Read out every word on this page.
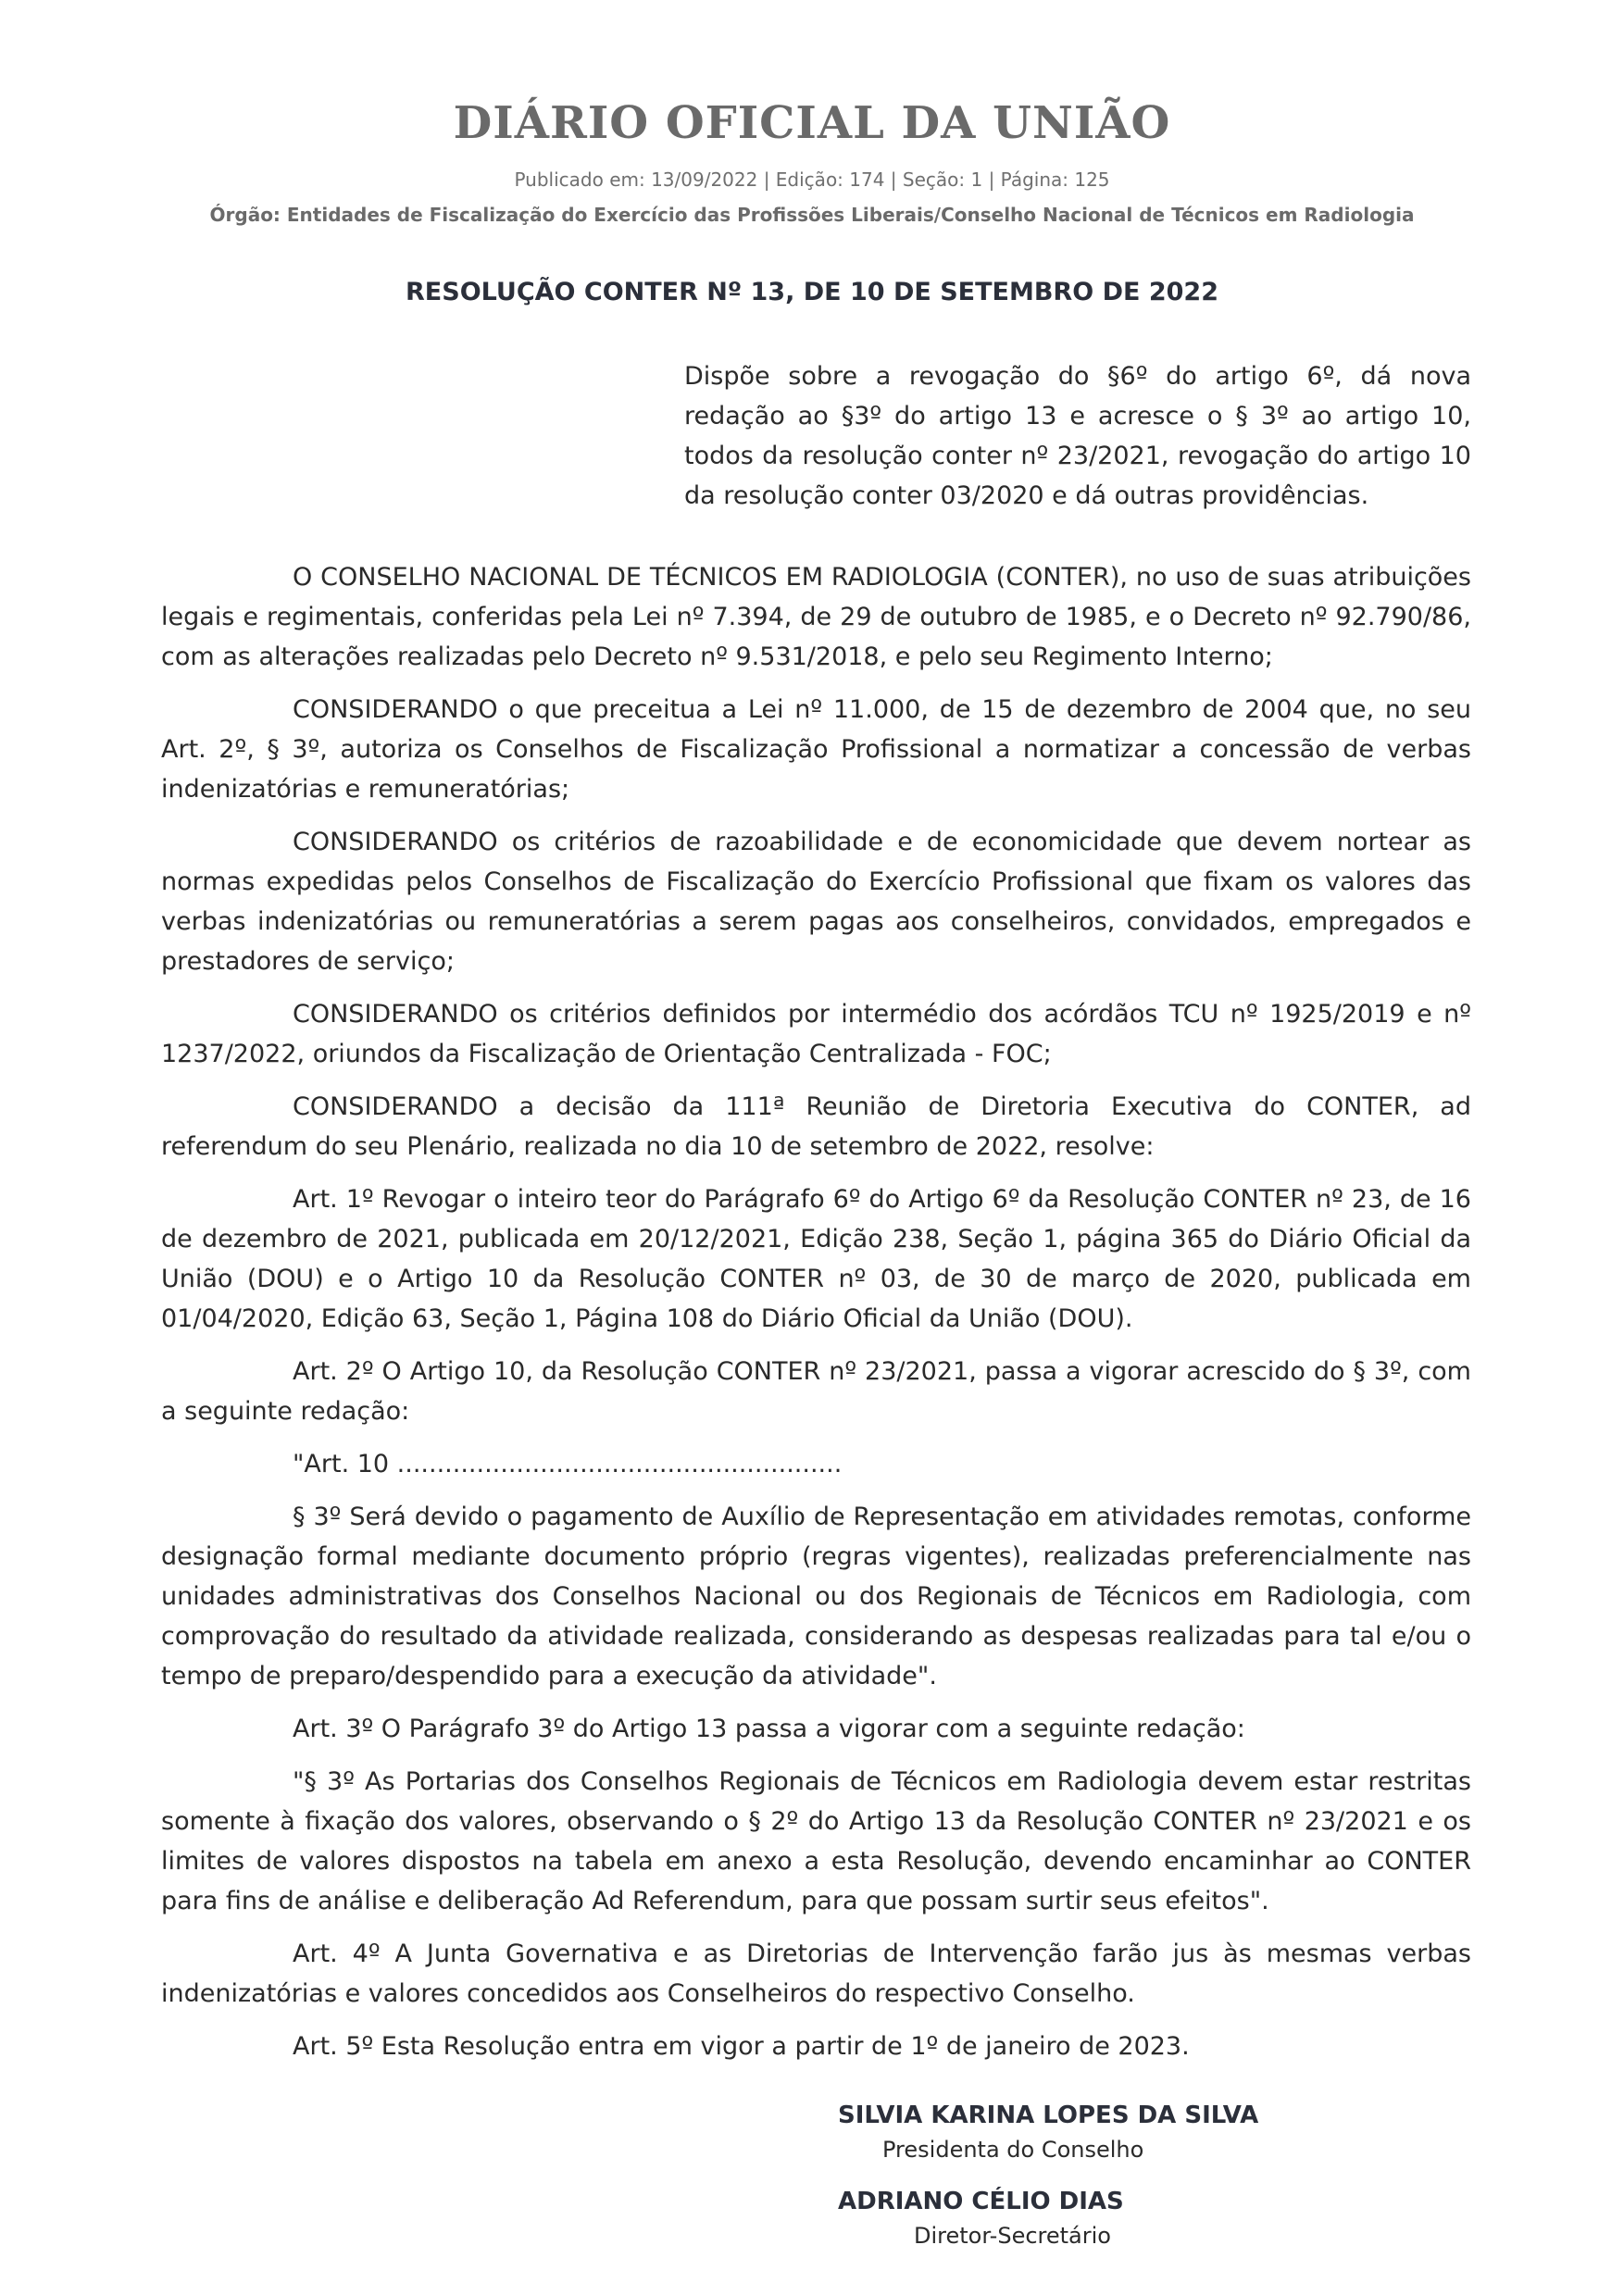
DIÁRIO OFICIAL DA UNIÃO
Publicado em: 13/09/2022 | Edição: 174 | Seção: 1 | Página: 125
Órgão: Entidades de Fiscalização do Exercício das Profissões Liberais/Conselho Nacional de Técnicos em Radiologia
RESOLUÇÃO CONTER Nº 13, DE 10 DE SETEMBRO DE 2022
Dispõe sobre a revogação do §6º do artigo 6º, dá nova redação ao §3º do artigo 13 e acresce o § 3º ao artigo 10, todos da resolução conter nº 23/2021, revogação do artigo 10 da resolução conter 03/2020 e dá outras providências.

O CONSELHO NACIONAL DE TÉCNICOS EM RADIOLOGIA (CONTER), no uso de suas atribuições legais e regimentais, conferidas pela Lei nº 7.394, de 29 de outubro de 1985, e o Decreto nº 92.790/86, com as alterações realizadas pelo Decreto nº 9.531/2018, e pelo seu Regimento Interno;

CONSIDERANDO o que preceitua a Lei nº 11.000, de 15 de dezembro de 2004 que, no seu Art. 2º, § 3º, autoriza os Conselhos de Fiscalização Profissional a normatizar a concessão de verbas indenizatórias e remuneratórias;

CONSIDERANDO os critérios de razoabilidade e de economicidade que devem nortear as normas expedidas pelos Conselhos de Fiscalização do Exercício Profissional que fixam os valores das verbas indenizatórias ou remuneratórias a serem pagas aos conselheiros, convidados, empregados e prestadores de serviço;

CONSIDERANDO os critérios definidos por intermédio dos acórdãos TCU nº 1925/2019 e nº 1237/2022, oriundos da Fiscalização de Orientação Centralizada - FOC;

CONSIDERANDO a decisão da 111ª Reunião de Diretoria Executiva do CONTER, ad referendum do seu Plenário, realizada no dia 10 de setembro de 2022, resolve:

Art. 1º Revogar o inteiro teor do Parágrafo 6º do Artigo 6º da Resolução CONTER nº 23, de 16 de dezembro de 2021, publicada em 20/12/2021, Edição 238, Seção 1, página 365 do Diário Oficial da União (DOU) e o Artigo 10 da Resolução CONTER nº 03, de 30 de março de 2020, publicada em 01/04/2020, Edição 63, Seção 1, Página 108 do Diário Oficial da União (DOU).

Art. 2º O Artigo 10, da Resolução CONTER nº 23/2021, passa a vigorar acrescido do § 3º, com a seguinte redação:

"Art. 10 ........................................................

§ 3º Será devido o pagamento de Auxílio de Representação em atividades remotas, conforme designação formal mediante documento próprio (regras vigentes), realizadas preferencialmente nas unidades administrativas dos Conselhos Nacional ou dos Regionais de Técnicos em Radiologia, com comprovação do resultado da atividade realizada, considerando as despesas realizadas para tal e/ou o tempo de preparo/despendido para a execução da atividade".

Art. 3º O Parágrafo 3º do Artigo 13 passa a vigorar com a seguinte redação:

"§ 3º As Portarias dos Conselhos Regionais de Técnicos em Radiologia devem estar restritas somente à fixação dos valores, observando o § 2º do Artigo 13 da Resolução CONTER nº 23/2021 e os limites de valores dispostos na tabela em anexo a esta Resolução, devendo encaminhar ao CONTER para fins de análise e deliberação Ad Referendum, para que possam surtir seus efeitos".

Art. 4º A Junta Governativa e as Diretorias de Intervenção farão jus às mesmas verbas indenizatórias e valores concedidos aos Conselheiros do respectivo Conselho.

Art. 5º Esta Resolução entra em vigor a partir de 1º de janeiro de 2023.

SILVIA KARINA LOPES DA SILVA
Presidenta do Conselho
ADRIANO CÉLIO DIAS
Diretor-Secretário
